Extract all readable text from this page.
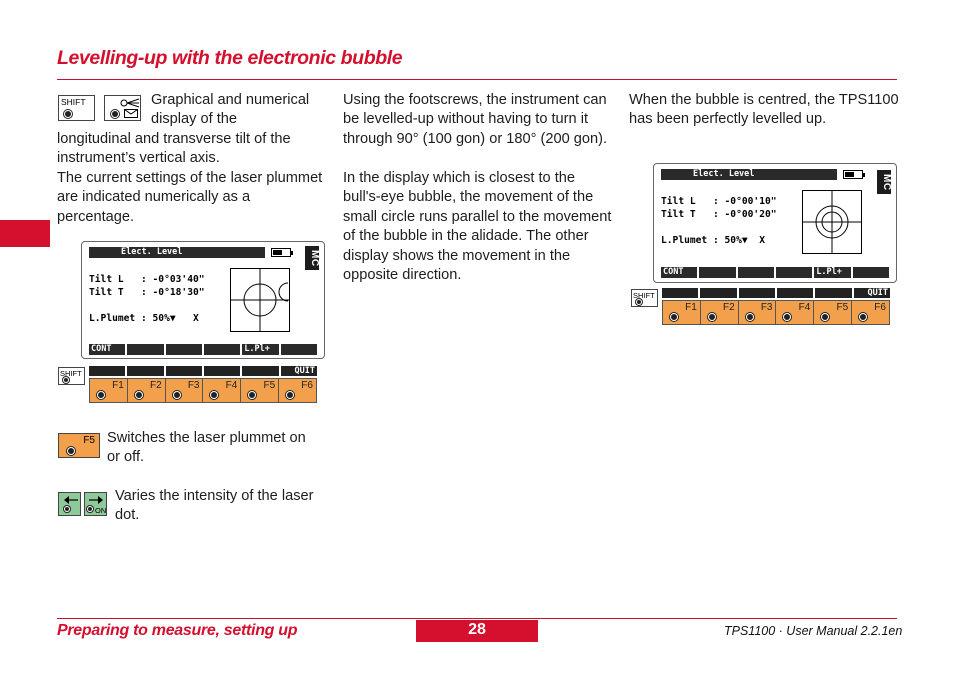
Levelling-up with the electronic bubble
SHIFT	Graphical and numerical display of the
longitudinal and transverse tilt of the instrument’s vertical axis.
The current settings of the laser plummet are indicated numerically as a percentage.
Elect. Level	MC
Tilt L   : -0°03'40"
Tilt T   : -0°18'30"
L.Plumet : 50%▼   X
CONT	L.Pl+
SHIFT	QUIT
F1	F2	F3	F4	F5	F6
F5 Switches the laser plummet on or off.
ON
Varies the intensity of the laser dot.
Using the footscrews, the instrument can be levelled-up without having to turn it through 90° (100 gon) or 180° (200 gon).
In the display which is closest to the bull's-eye bubble, the movement of the small circle runs parallel to the movement of the bubble in the alidade. The other display shows the movement in the opposite direction.
When the bubble is centred, the TPS1100 has been perfectly levelled up.
Elect. Level	MC
Tilt L   : -0°00'10"
Tilt T   : -0°00'20"
L.Plumet : 50%▼  X
CONT	L.Pl+
SHIFT	QUIT
F1	F2	F3	F4	F5	F6
Preparing to measure, setting up	28	TPS1100 · User Manual 2.2.1en
